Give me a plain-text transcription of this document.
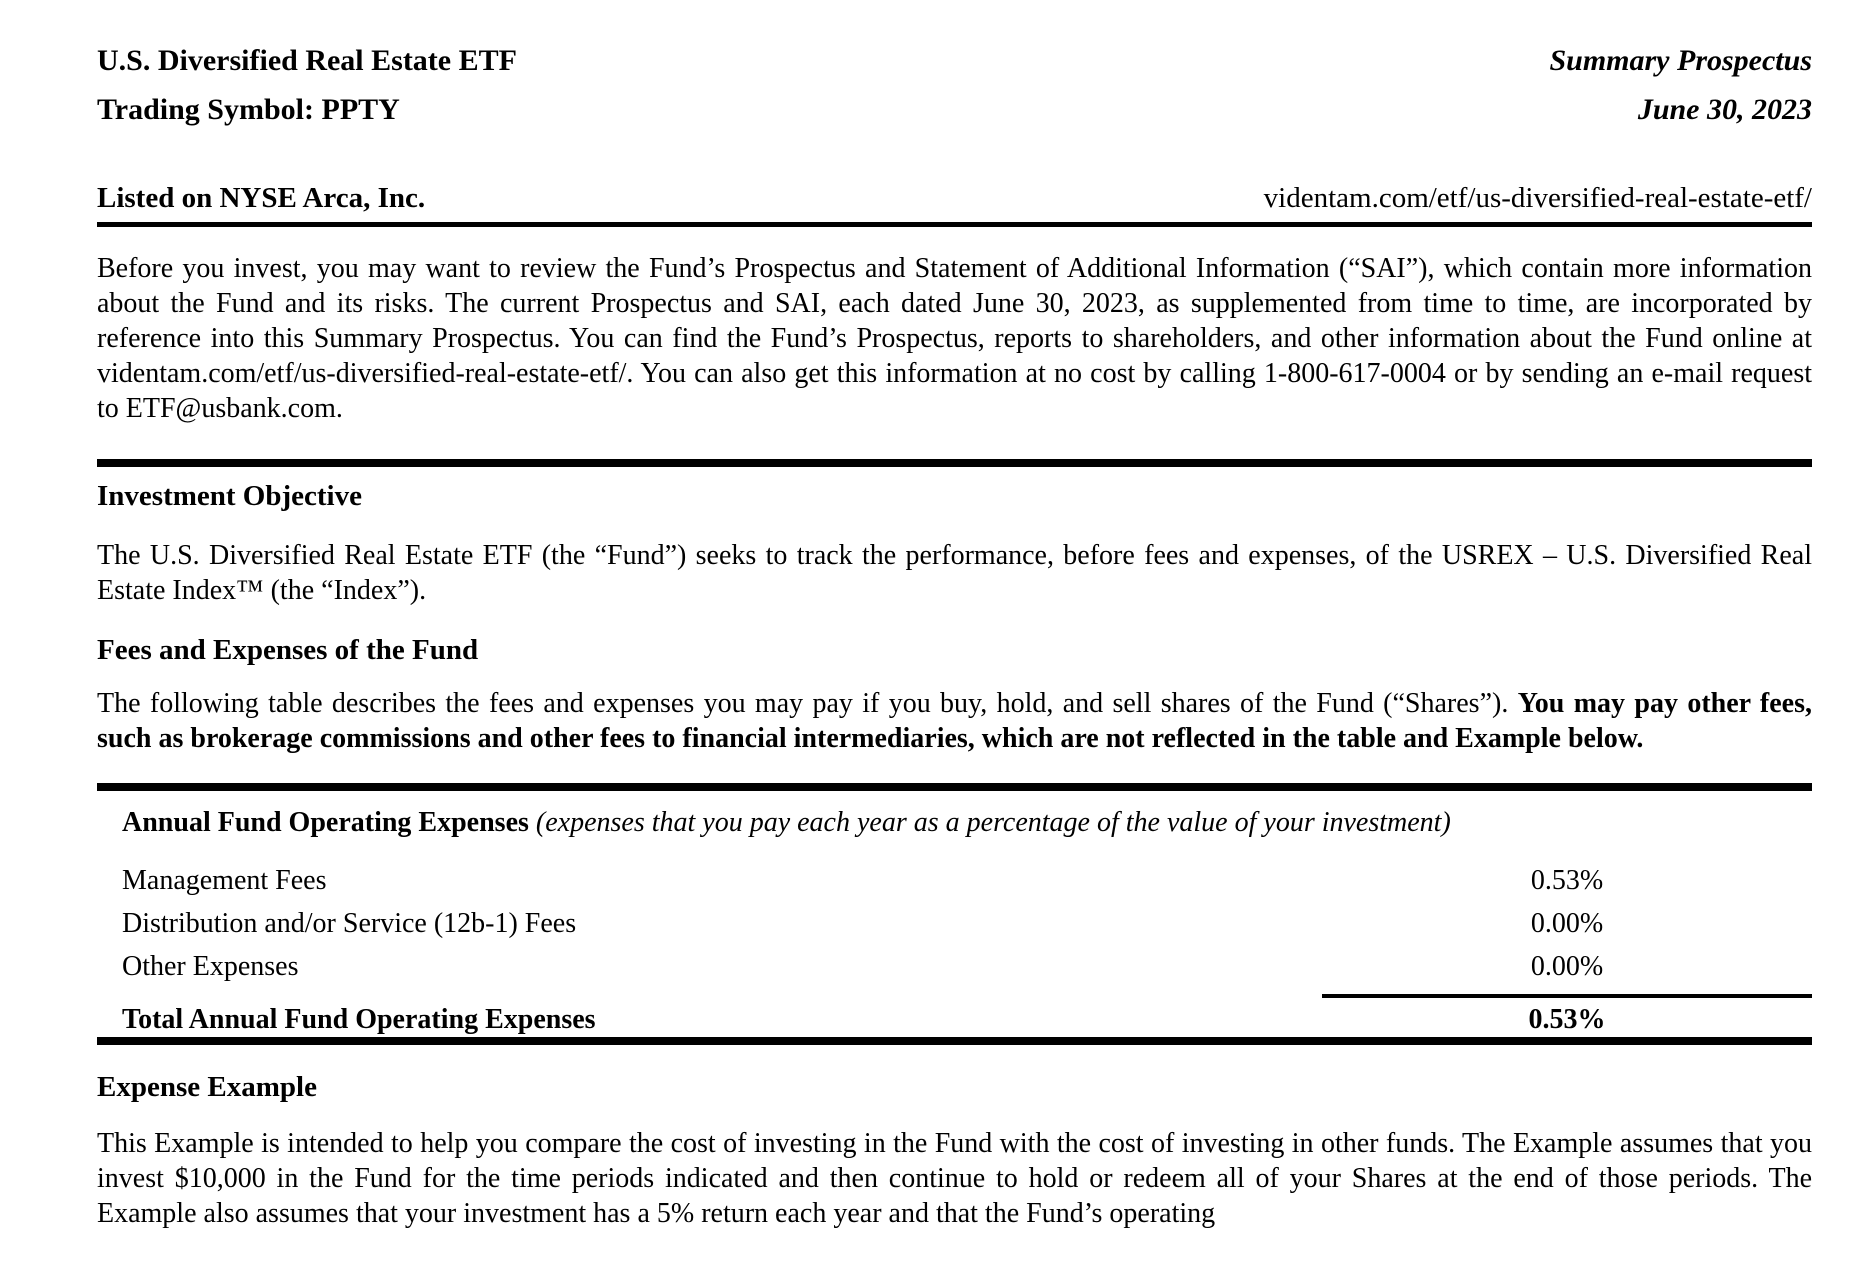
U.S. Diversified Real Estate ETF
Trading Symbol: PPTY
Summary Prospectus
June 30, 2023
Listed on NYSE Arca, Inc.	videntam.com/etf/us-diversified-real-estate-etf/

Before you invest, you may want to review the Fund’s Prospectus and Statement of Additional Information (“SAI”), which contain more information about the Fund and its risks. The current Prospectus and SAI, each dated June 30, 2023, as supplemented from time to time, are incorporated by reference into this Summary Prospectus. You can find the Fund’s Prospectus, reports to shareholders, and other information about the Fund online at videntam.com/etf/us-diversified-real-estate-etf/. You can also get this information at no cost by calling 1-800-617-0004 or by sending an e-mail request to ETF@usbank.com.

Investment Objective

The U.S. Diversified Real Estate ETF (the “Fund”) seeks to track the performance, before fees and expenses, of the USREX – U.S. Diversified Real Estate Index™ (the “Index”).

Fees and Expenses of the Fund

The following table describes the fees and expenses you may pay if you buy, hold, and sell shares of the Fund (“Shares”). You may pay other fees, such as brokerage commissions and other fees to financial intermediaries, which are not reflected in the table and Example below.

Annual Fund Operating Expenses (expenses that you pay each year as a percentage of the value of your investment)
Management Fees	0.53%
Distribution and/or Service (12b-1) Fees	0.00%
Other Expenses	0.00%
Total Annual Fund Operating Expenses	0.53%
Expense Example

This Example is intended to help you compare the cost of investing in the Fund with the cost of investing in other funds. The Example assumes that you invest $10,000 in the Fund for the time periods indicated and then continue to hold or redeem all of your Shares at the end of those periods. The Example also assumes that your investment has a 5% return each year and that the Fund’s operating
